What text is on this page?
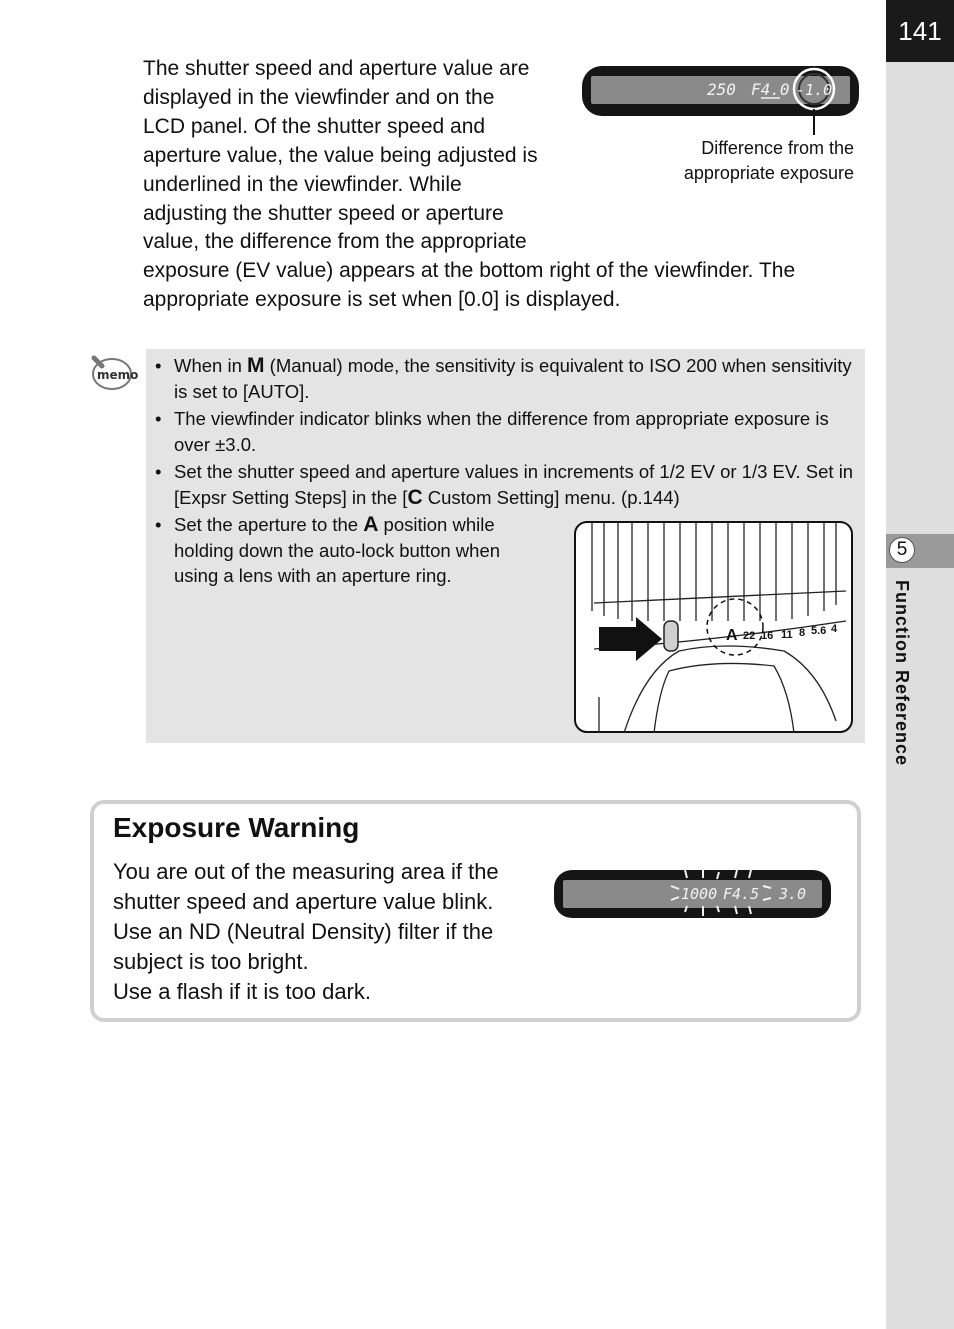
141
5
Function Reference
The shutter speed and aperture value are displayed in the viewfinder and on the LCD panel. Of the shutter speed and aperture value, the value being adjusted is underlined in the viewfinder. While adjusting the shutter speed or aperture value, the difference from the appropriate exposure (EV value) appears at the bottom right of the viewfinder. The appropriate exposure is set when [0.0] is displayed.
250 F4.0 -1.0
Difference from the
appropriate exposure
memo
•	When in M (Manual) mode, the sensitivity is equivalent to ISO 200 when sensitivity is set to [AUTO].
• The viewfinder indicator blinks when the difference from appropriate exposure is over ±3.0.
• Set the shutter speed and aperture values in increments of 1/2 EV or 1/3 EV. Set in [Expsr Setting Steps] in the [C Custom Setting] menu. (p.144)
• Set the aperture to the A position while holding down the auto-lock button when using a lens with an aperture ring.
A 22 16 11 8 5.6 4
Exposure Warning
You are out of the measuring area if the
shutter speed and aperture value blink.
Use an ND (Neutral Density) filter if the
subject is too bright.
Use a flash if it is too dark.
1000 F4.5 3.0
